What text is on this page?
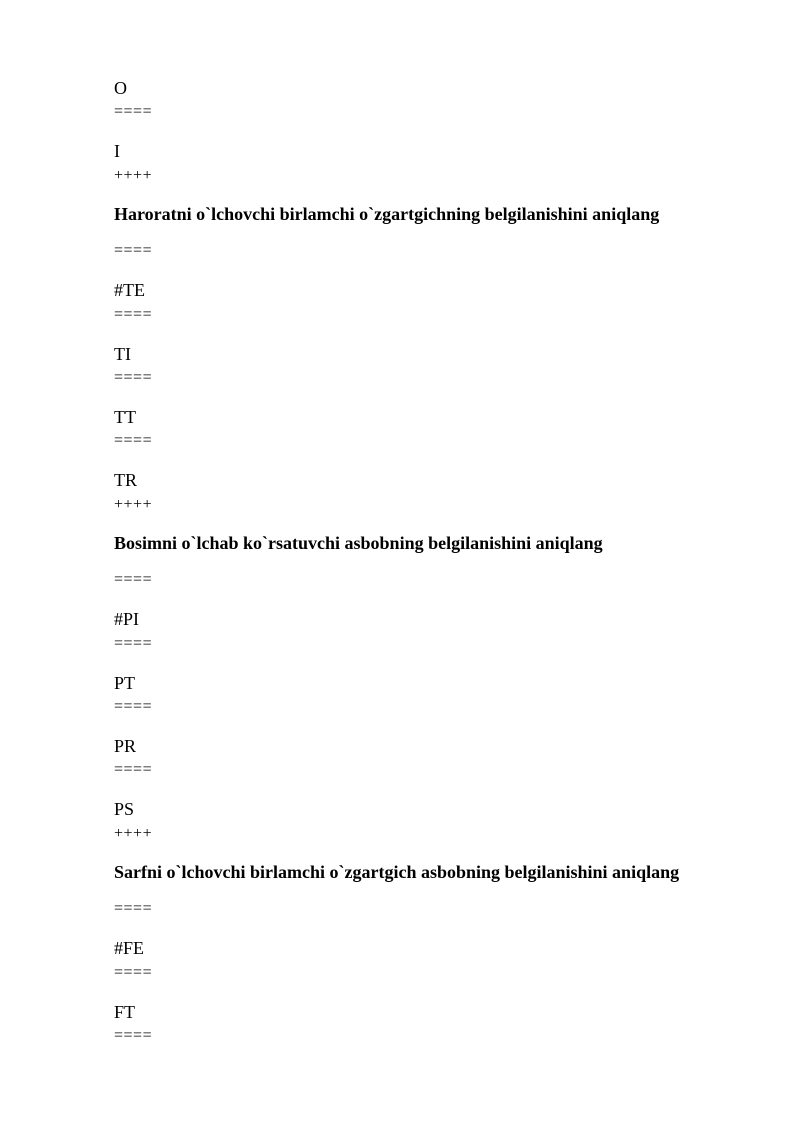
O
====
I
++++
Haroratni o`lchovchi birlamchi o`zgartgichning belgilanishini aniqlang
====
#TE
====
TI
====
TT
====
TR
++++
Bosimni o`lchab ko`rsatuvchi asbobning belgilanishini aniqlang
====
#PI
====
PT
====
PR
====
PS
++++
Sarfni o`lchovchi birlamchi o`zgartgich asbobning belgilanishini aniqlang
====
#FE
====
FT
====
